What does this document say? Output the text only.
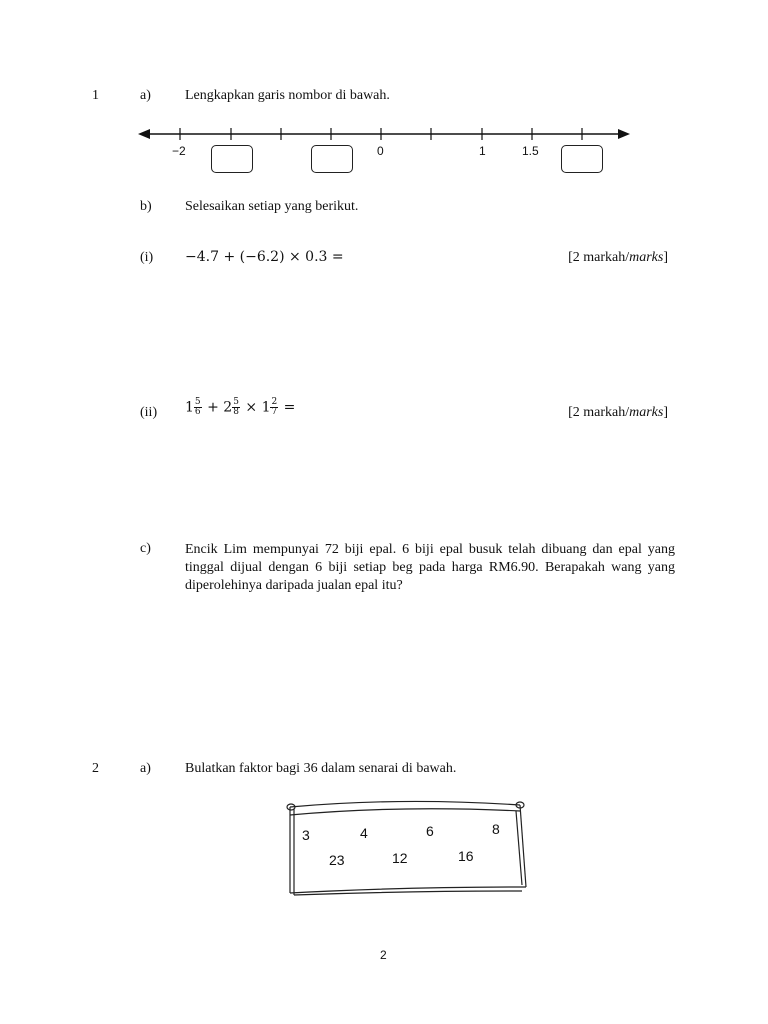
1	a) Lengkapkan garis nombor di bawah.
−2	0	1	1.5
b) Selesaikan setiap yang berikut.
(i) −4.7 + (−6.2) × 0.3 =	[2 markah/marks]
(ii) $1 \frac{5}{6} + 2 \frac{5}{8} \times 1 \frac{2}{7}$ =	[2 markah/marks]
c) Encik Lim mempunyai 72 biji epal. 6 biji epal busuk telah dibuang dan epal yang tinggal dijual dengan 6 biji setiap beg pada harga RM6.90. Berapakah wang yang diperolehinya daripada jualan epal itu?
2	a) Bulatkan faktor bagi 36 dalam senarai di bawah.
3	4	6	8
23	12	16
2
